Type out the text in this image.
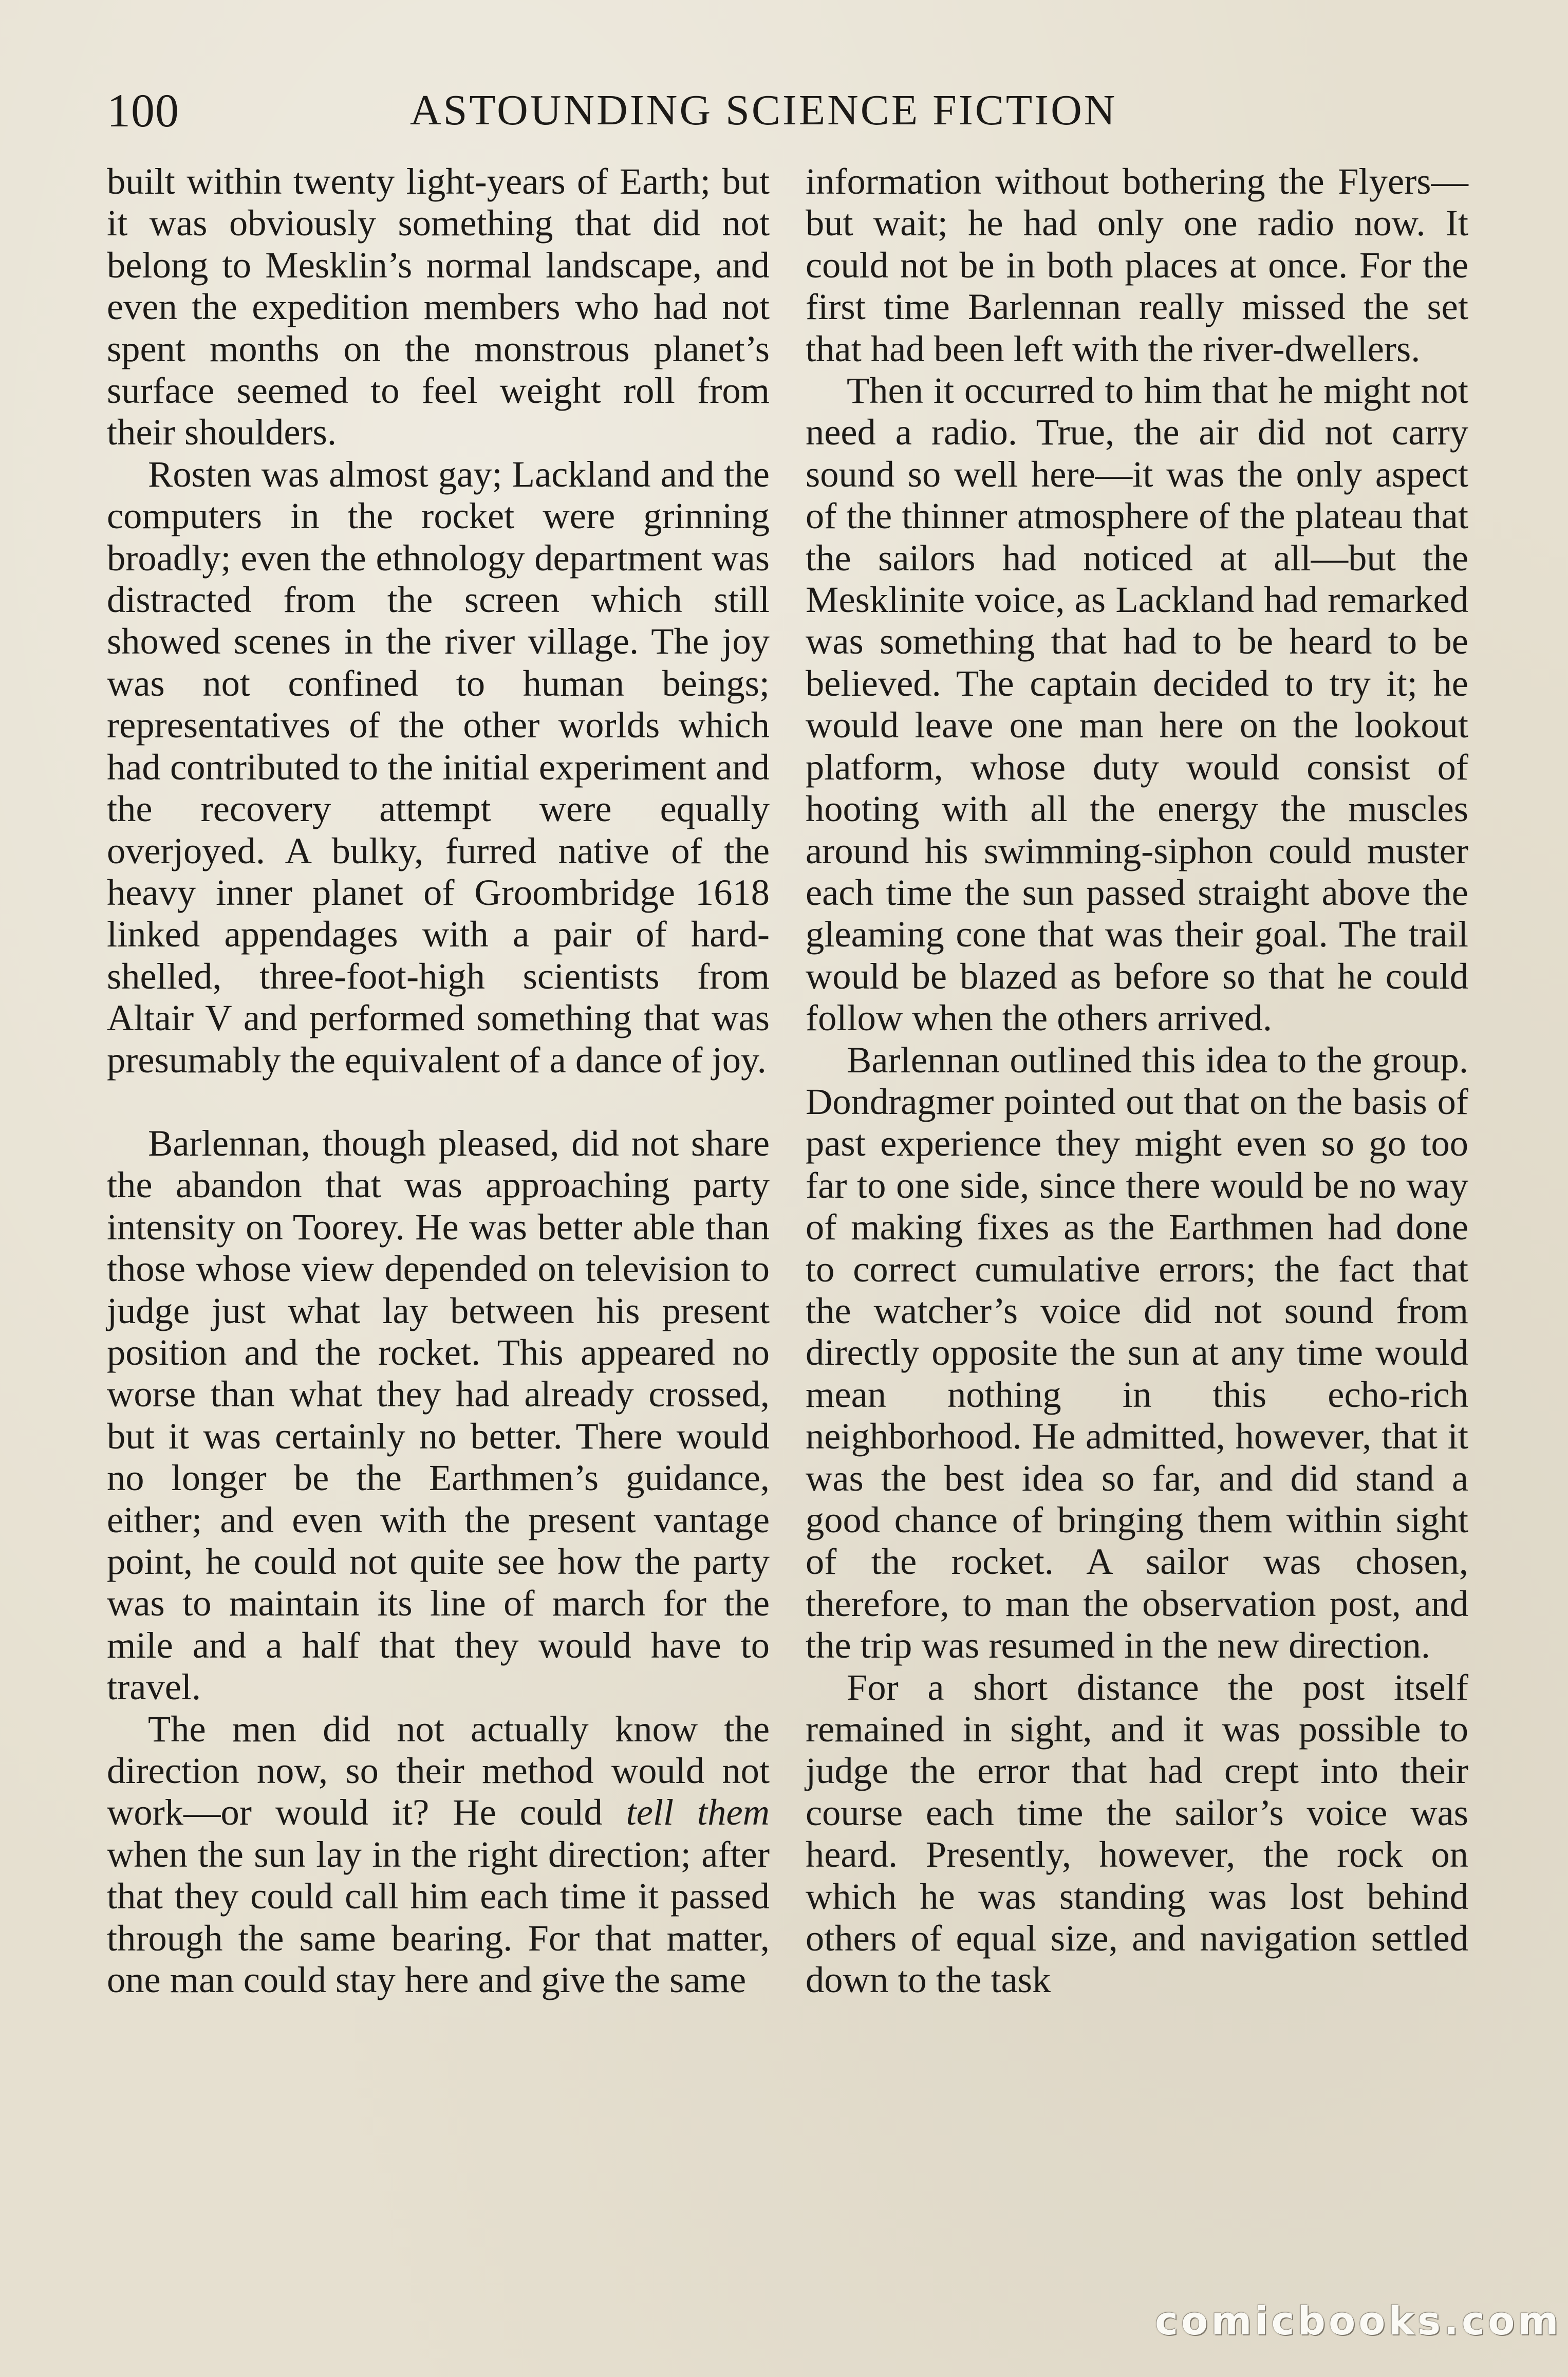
100	ASTOUNDING SCIENCE FICTION

built within twenty light-years of Earth; but it was obviously something that did not belong to Mesklin’s normal landscape, and even the expedition members who had not spent months on the monstrous planet’s surface seemed to feel weight roll from their shoulders.

Rosten was almost gay; Lackland and the computers in the rocket were grinning broadly; even the ethnology department was distracted from the screen which still showed scenes in the river village. The joy was not confined to human beings; representatives of the other worlds which had contributed to the initial experiment and the recovery attempt were equally overjoyed. A bulky, furred native of the heavy inner planet of Groombridge 1618 linked appendages with a pair of hard-shelled, three-foot-high scientists from Altair V and performed something that was presumably the equivalent of a dance of joy.

Barlennan, though pleased, did not share the abandon that was approaching party intensity on Toorey. He was better able than those whose view depended on television to judge just what lay between his present position and the rocket. This appeared no worse than what they had already crossed, but it was certainly no better. There would no longer be the Earthmen’s guidance, either; and even with the present vantage point, he could not quite see how the party was to maintain its line of march for the mile and a half that they would have to travel.

The men did not actually know the direction now, so their method would not work—or would it? He could tell them when the sun lay in the right direction; after that they could call him each time it passed through the same bearing. For that matter, one man could stay here and give the same

information without bothering the Flyers—but wait; he had only one radio now. It could not be in both places at once. For the first time Barlennan really missed the set that had been left with the river-dwellers.

Then it occurred to him that he might not need a radio. True, the air did not carry sound so well here—it was the only aspect of the thinner atmosphere of the plateau that the sailors had noticed at all—but the Mesklinite voice, as Lackland had remarked was something that had to be heard to be believed. The captain decided to try it; he would leave one man here on the lookout platform, whose duty would consist of hooting with all the energy the muscles around his swimming-siphon could muster each time the sun passed straight above the gleaming cone that was their goal. The trail would be blazed as before so that he could follow when the others arrived.

Barlennan outlined this idea to the group. Dondragmer pointed out that on the basis of past experience they might even so go too far to one side, since there would be no way of making fixes as the Earthmen had done to correct cumulative errors; the fact that the watcher’s voice did not sound from directly opposite the sun at any time would mean nothing in this echo-rich neighborhood. He admitted, however, that it was the best idea so far, and did stand a good chance of bringing them within sight of the rocket. A sailor was chosen, therefore, to man the observation post, and the trip was resumed in the new direction.

For a short distance the post itself remained in sight, and it was possible to judge the error that had crept into their course each time the sailor’s voice was heard. Presently, however, the rock on which he was standing was lost behind others of equal size, and navigation settled down to the task

comicbooks.com
